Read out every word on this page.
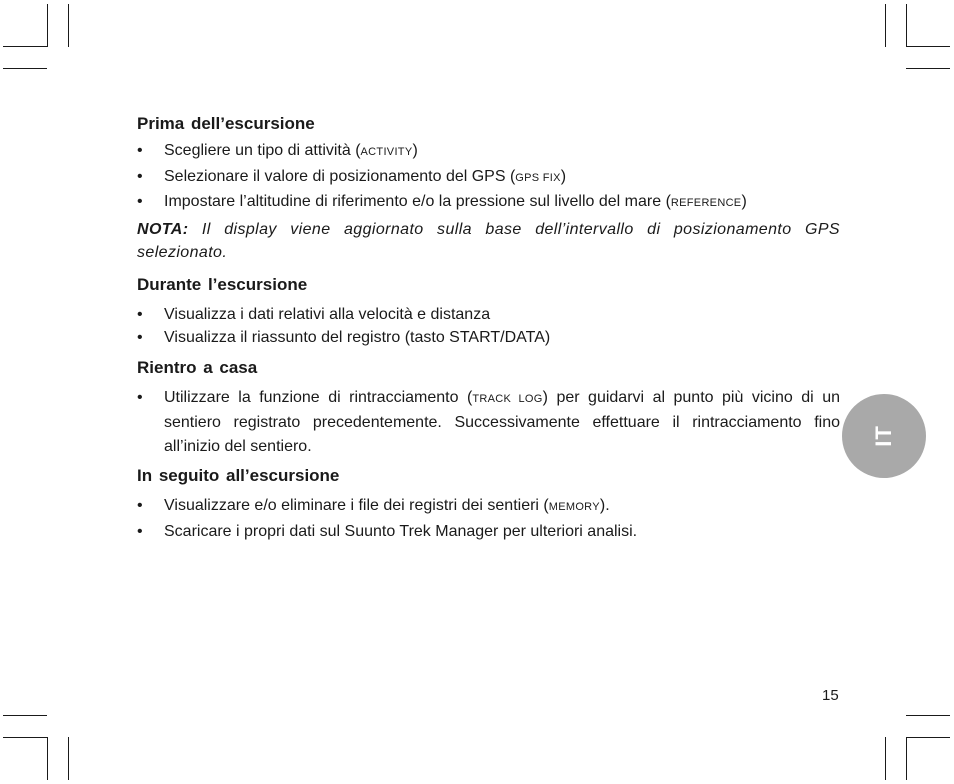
Prima dell’escursione
• Scegliere un tipo di attività (ACTIVITY)
• Selezionare il valore di posizionamento del GPS (GPS FIX)
• Impostare l’altitudine di riferimento e/o la pressione sul livello del mare (REFERENCE)

NOTA: Il display viene aggiornato sulla base dell’intervallo di posizionamento GPS selezionato.

Durante l’escursione
• Visualizza i dati relativi alla velocità e distanza
• Visualizza il riassunto del registro (tasto START/DATA)
Rientro a casa
• Utilizzare la funzione di rintracciamento (TRACK LOG) per guidarvi al punto più vicino di un sentiero registrato precedentemente. Successivamente effettuare il rintracciamento fino all’inizio del sentiero.
In seguito all’escursione
• Visualizzare e/o eliminare i file dei registri dei sentieri (MEMORY).
• Scaricare i propri dati sul Suunto Trek Manager per ulteriori analisi.
IT
15
